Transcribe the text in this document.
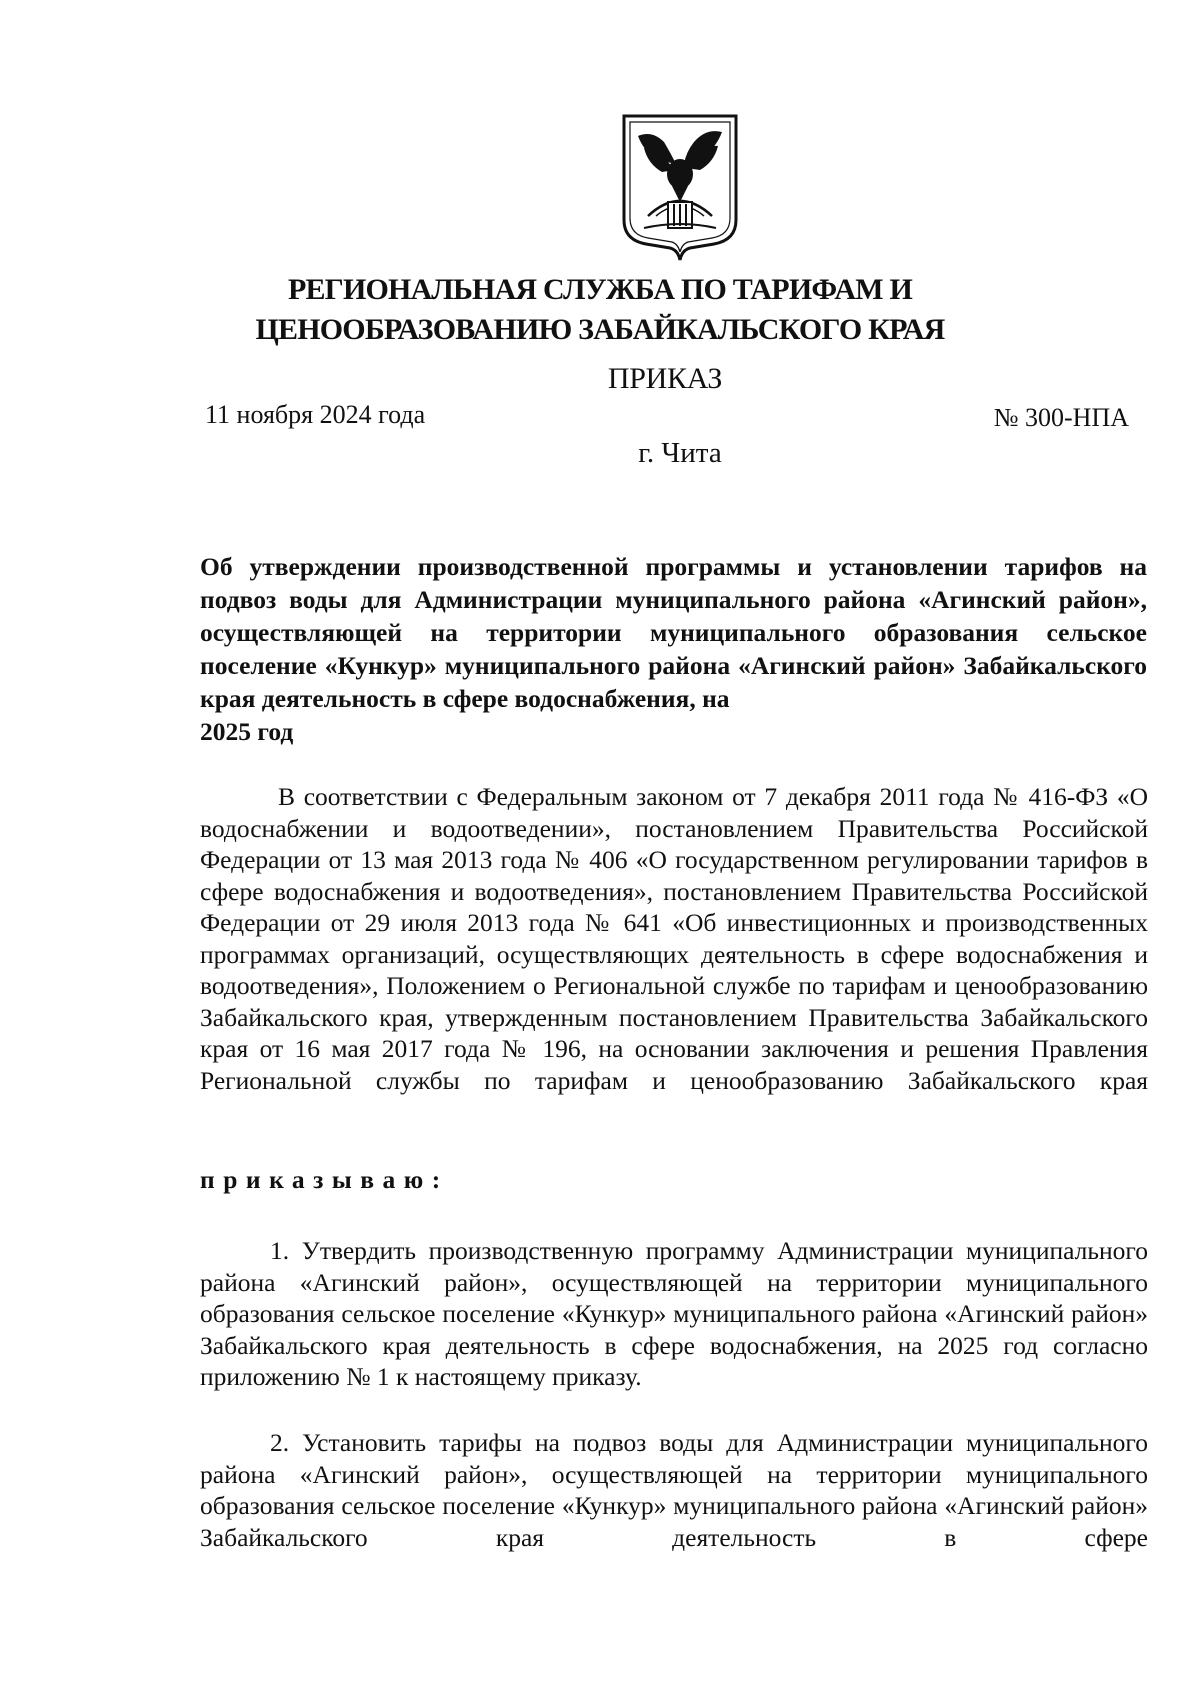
РЕГИОНАЛЬНАЯ СЛУЖБА ПО ТАРИФАМ И
ЦЕНООБРАЗОВАНИЮ ЗАБАЙКАЛЬСКОГО КРАЯ

ПРИКАЗ

11 ноября 2024 года	№ 300-НПА

г. Чита

Об утверждении производственной программы и установлении тарифов на подвоз воды для Администрации муниципального района «Агинский район», осуществляющей на территории муниципального образования сельское поселение «Кункур» муниципального района «Агинский район» Забайкальского края деятельность в сфере водоснабжения, на
2025 год

В соответствии с Федеральным законом от 7 декабря 2011 года № 416-ФЗ «О водоснабжении и водоотведении», постановлением Правительства Российской Федерации от 13 мая 2013 года № 406 «О государственном регулировании тарифов в сфере водоснабжения и водоотведения», постановлением Правительства Российской Федерации от 29 июля 2013 года № 641 «Об инвестиционных и производственных программах организаций, осуществляющих деятельность в сфере водоснабжения и водоотведения», Положением о Региональной службе по тарифам и ценообразованию Забайкальского края, утвержденным постановлением Правительства Забайкальского края от 16 мая 2017 года № 196, на основании заключения и решения Правления Региональной службы по тарифам и ценообразованию Забайкальского края

приказываю:

1. Утвердить производственную программу Администрации муниципального района «Агинский район», осуществляющей на территории муниципального образования сельское поселение «Кункур» муниципального района «Агинский район» Забайкальского края деятельность в сфере водоснабжения, на 2025 год согласно приложению № 1 к настоящему приказу.

2. Установить тарифы на подвоз воды для Администрации муниципального района «Агинский район», осуществляющей на территории муниципального образования сельское поселение «Кункур» муниципального района «Агинский район» Забайкальского края деятельность в сфере
